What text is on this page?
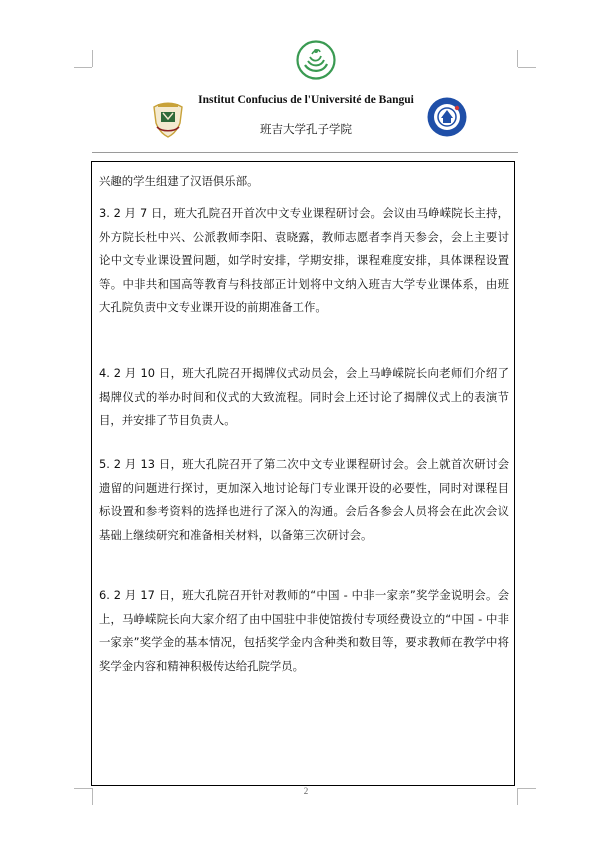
Institut Confucius de l'Université de Bangui
班吉大学孔子学院

兴趣的学生组建了汉语俱乐部。

3. 2 月 7 日，班大孔院召开首次中文专业课程研讨会。会议由马峥嵘院长主持，外方院长杜中兴、公派教师李阳、袁晓露，教师志愿者李肖天参会，会上主要讨论中文专业课设置问题，如学时安排，学期安排，课程难度安排，具体课程设置等。中非共和国高等教育与科技部正计划将中文纳入班吉大学专业课体系，由班大孔院负责中文专业课开设的前期准备工作。

4. 2 月 10 日，班大孔院召开揭牌仪式动员会，会上马峥嵘院长向老师们介绍了揭牌仪式的举办时间和仪式的大致流程。同时会上还讨论了揭牌仪式上的表演节目，并安排了节目负责人。

5. 2 月 13 日，班大孔院召开了第二次中文专业课程研讨会。会上就首次研讨会遗留的问题进行探讨，更加深入地讨论每门专业课开设的必要性，同时对课程目标设置和参考资料的选择也进行了深入的沟通。会后各参会人员将会在此次会议基础上继续研究和准备相关材料，以备第三次研讨会。

6. 2 月 17 日，班大孔院召开针对教师的“中国 - 中非一家亲”奖学金说明会。会上，马峥嵘院长向大家介绍了由中国驻中非使馆拨付专项经费设立的“中国 - 中非一家亲”奖学金的基本情况，包括奖学金内含种类和数目等，要求教师在教学中将奖学金内容和精神积极传达给孔院学员。

2
